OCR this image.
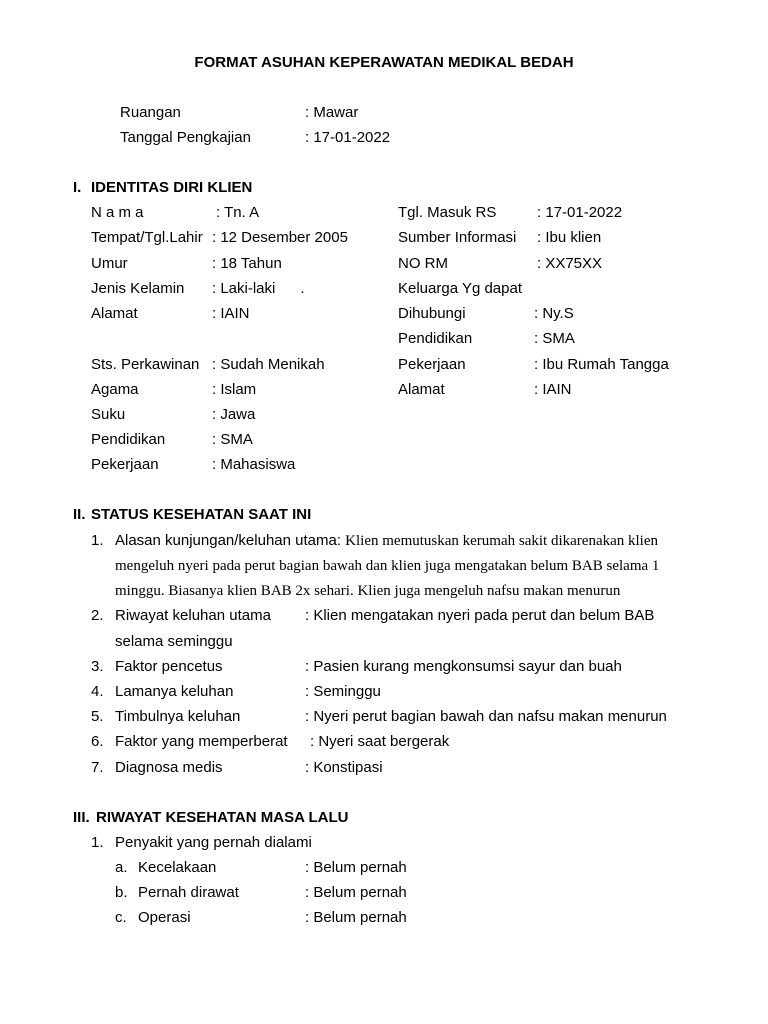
FORMAT ASUHAN KEPERAWATAN MEDIKAL BEDAH
Ruangan	: Mawar
Tanggal Pengkajian	: 17-01-2022
I. IDENTITAS DIRI KLIEN
N a m a	: Tn. A
Tempat/Tgl.Lahir : 12 Desember 2005
Umur	: 18 Tahun
Jenis Kelamin : Laki-laki      .
Alamat	: IAIN
Sts. Perkawinan : Sudah Menikah
Agama	: Islam
Suku	: Jawa
Pendidikan	: SMA
Pekerjaan	: Mahasiswa
Tgl. Masuk RS	: 17-01-2022
Sumber Informasi : Ibu klien
NO RM	: XX75XX
Keluarga Yg dapat
Dihubungi	: Ny.S
Pendidikan	: SMA
Pekerjaan	: Ibu Rumah Tangga
Alamat	: IAIN
II. STATUS KESEHATAN SAAT INI
1. Alasan kunjungan/keluhan utama: Klien memutuskan kerumah sakit dikarenakan klien
mengeluh nyeri pada perut bagian bawah dan klien juga mengatakan belum BAB selama 1
minggu. Biasanya klien BAB 2x sehari. Klien juga mengeluh nafsu makan menurun
2. Riwayat keluhan utama : Klien mengatakan nyeri pada perut dan belum BAB
selama seminggu
3. Faktor pencetus	: Pasien kurang mengkonsumsi sayur dan buah
4. Lamanya keluhan	: Seminggu
5. Timbulnya keluhan	: Nyeri perut bagian bawah dan nafsu makan menurun
6. Faktor yang memperberat : Nyeri saat bergerak
7. Diagnosa medis	: Konstipasi
III. RIWAYAT KESEHATAN MASA LALU
1. Penyakit yang pernah dialami
a. Kecelakaan	: Belum pernah
b. Pernah dirawat	: Belum pernah
c. Operasi	: Belum pernah
